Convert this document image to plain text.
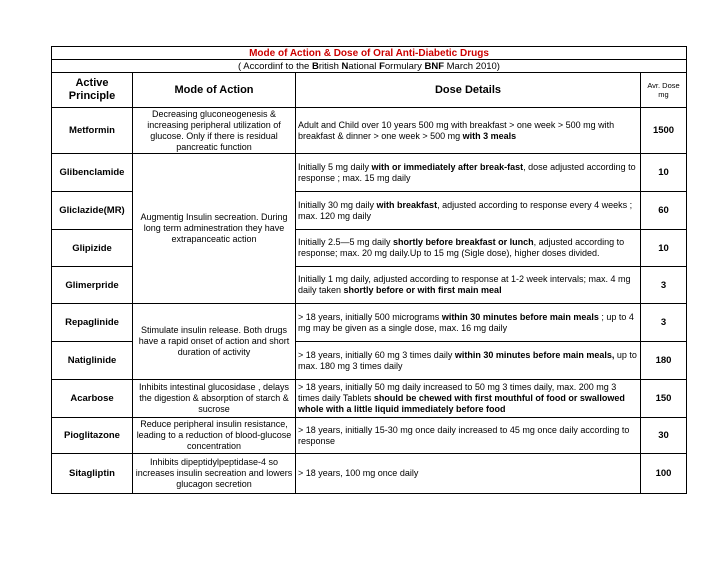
Mode of Action & Dose of Oral Anti-Diabetic Drugs			
( Accordinf to the British National Formulary BNF March 2010)			
Active Principle	Mode of Action	Dose Details	Avr. Dose mg
Metformin	Decreasing gluconeogenesis & increasing peripheral utilization of glucose. Only if there is residual pancreatic function	Adult and Child over 10 years 500 mg with breakfast > one week > 500 mg with breakfast & dinner > one week > 500 mg with 3 meals	1500
Glibenclamide	Augmentig Insulin secreation. During long term adminestration they have extrapanceatic action	Initially 5 mg daily with or immediately after break-fast, dose adjusted according to response ; max. 15 mg daily	10
Gliclazide(MR)		Initially 30 mg daily with breakfast, adjusted according to response every 4 weeks ; max. 120 mg daily	60
Glipizide		Initially 2.5—5 mg daily shortly before breakfast or lunch, adjusted according to response; max. 20 mg daily.Up to 15 mg (Sigle dose), higher doses divided.	10
Glimerpride		Initially 1 mg daily, adjusted according to response at 1-2 week intervals; max. 4 mg daily taken shortly before or with first main meal	3
Repaglinide	Stimulate insulin release. Both drugs have a rapid onset of action and short duration of activity	> 18 years, initially 500 micrograms within 30 minutes before main meals ; up to 4 mg may be given as a single dose, max. 16 mg daily	3
Natiglinide		> 18 years, initially 60 mg 3 times daily within 30 minutes before main meals, up to max. 180 mg 3 times daily	180
Acarbose	Inhibits intestinal glucosidase , delays the digestion & absorption of starch & sucrose	> 18 years, initially 50 mg daily increased to 50 mg 3 times daily, max. 200 mg 3 times daily Tablets should be chewed with first mouthful of food or swallowed whole with a little liquid immediately before food	150
Pioglitazone	Reduce peripheral insulin resistance, leading to a reduction of blood-glucose concentration	> 18 years, initially 15-30 mg once daily increased to 45 mg once daily according to response	30
Sitagliptin	Inhibits dipeptidylpeptidase-4 so increases insulin secreation and lowers glucagon secretion	> 18 years, 100 mg once daily	100
